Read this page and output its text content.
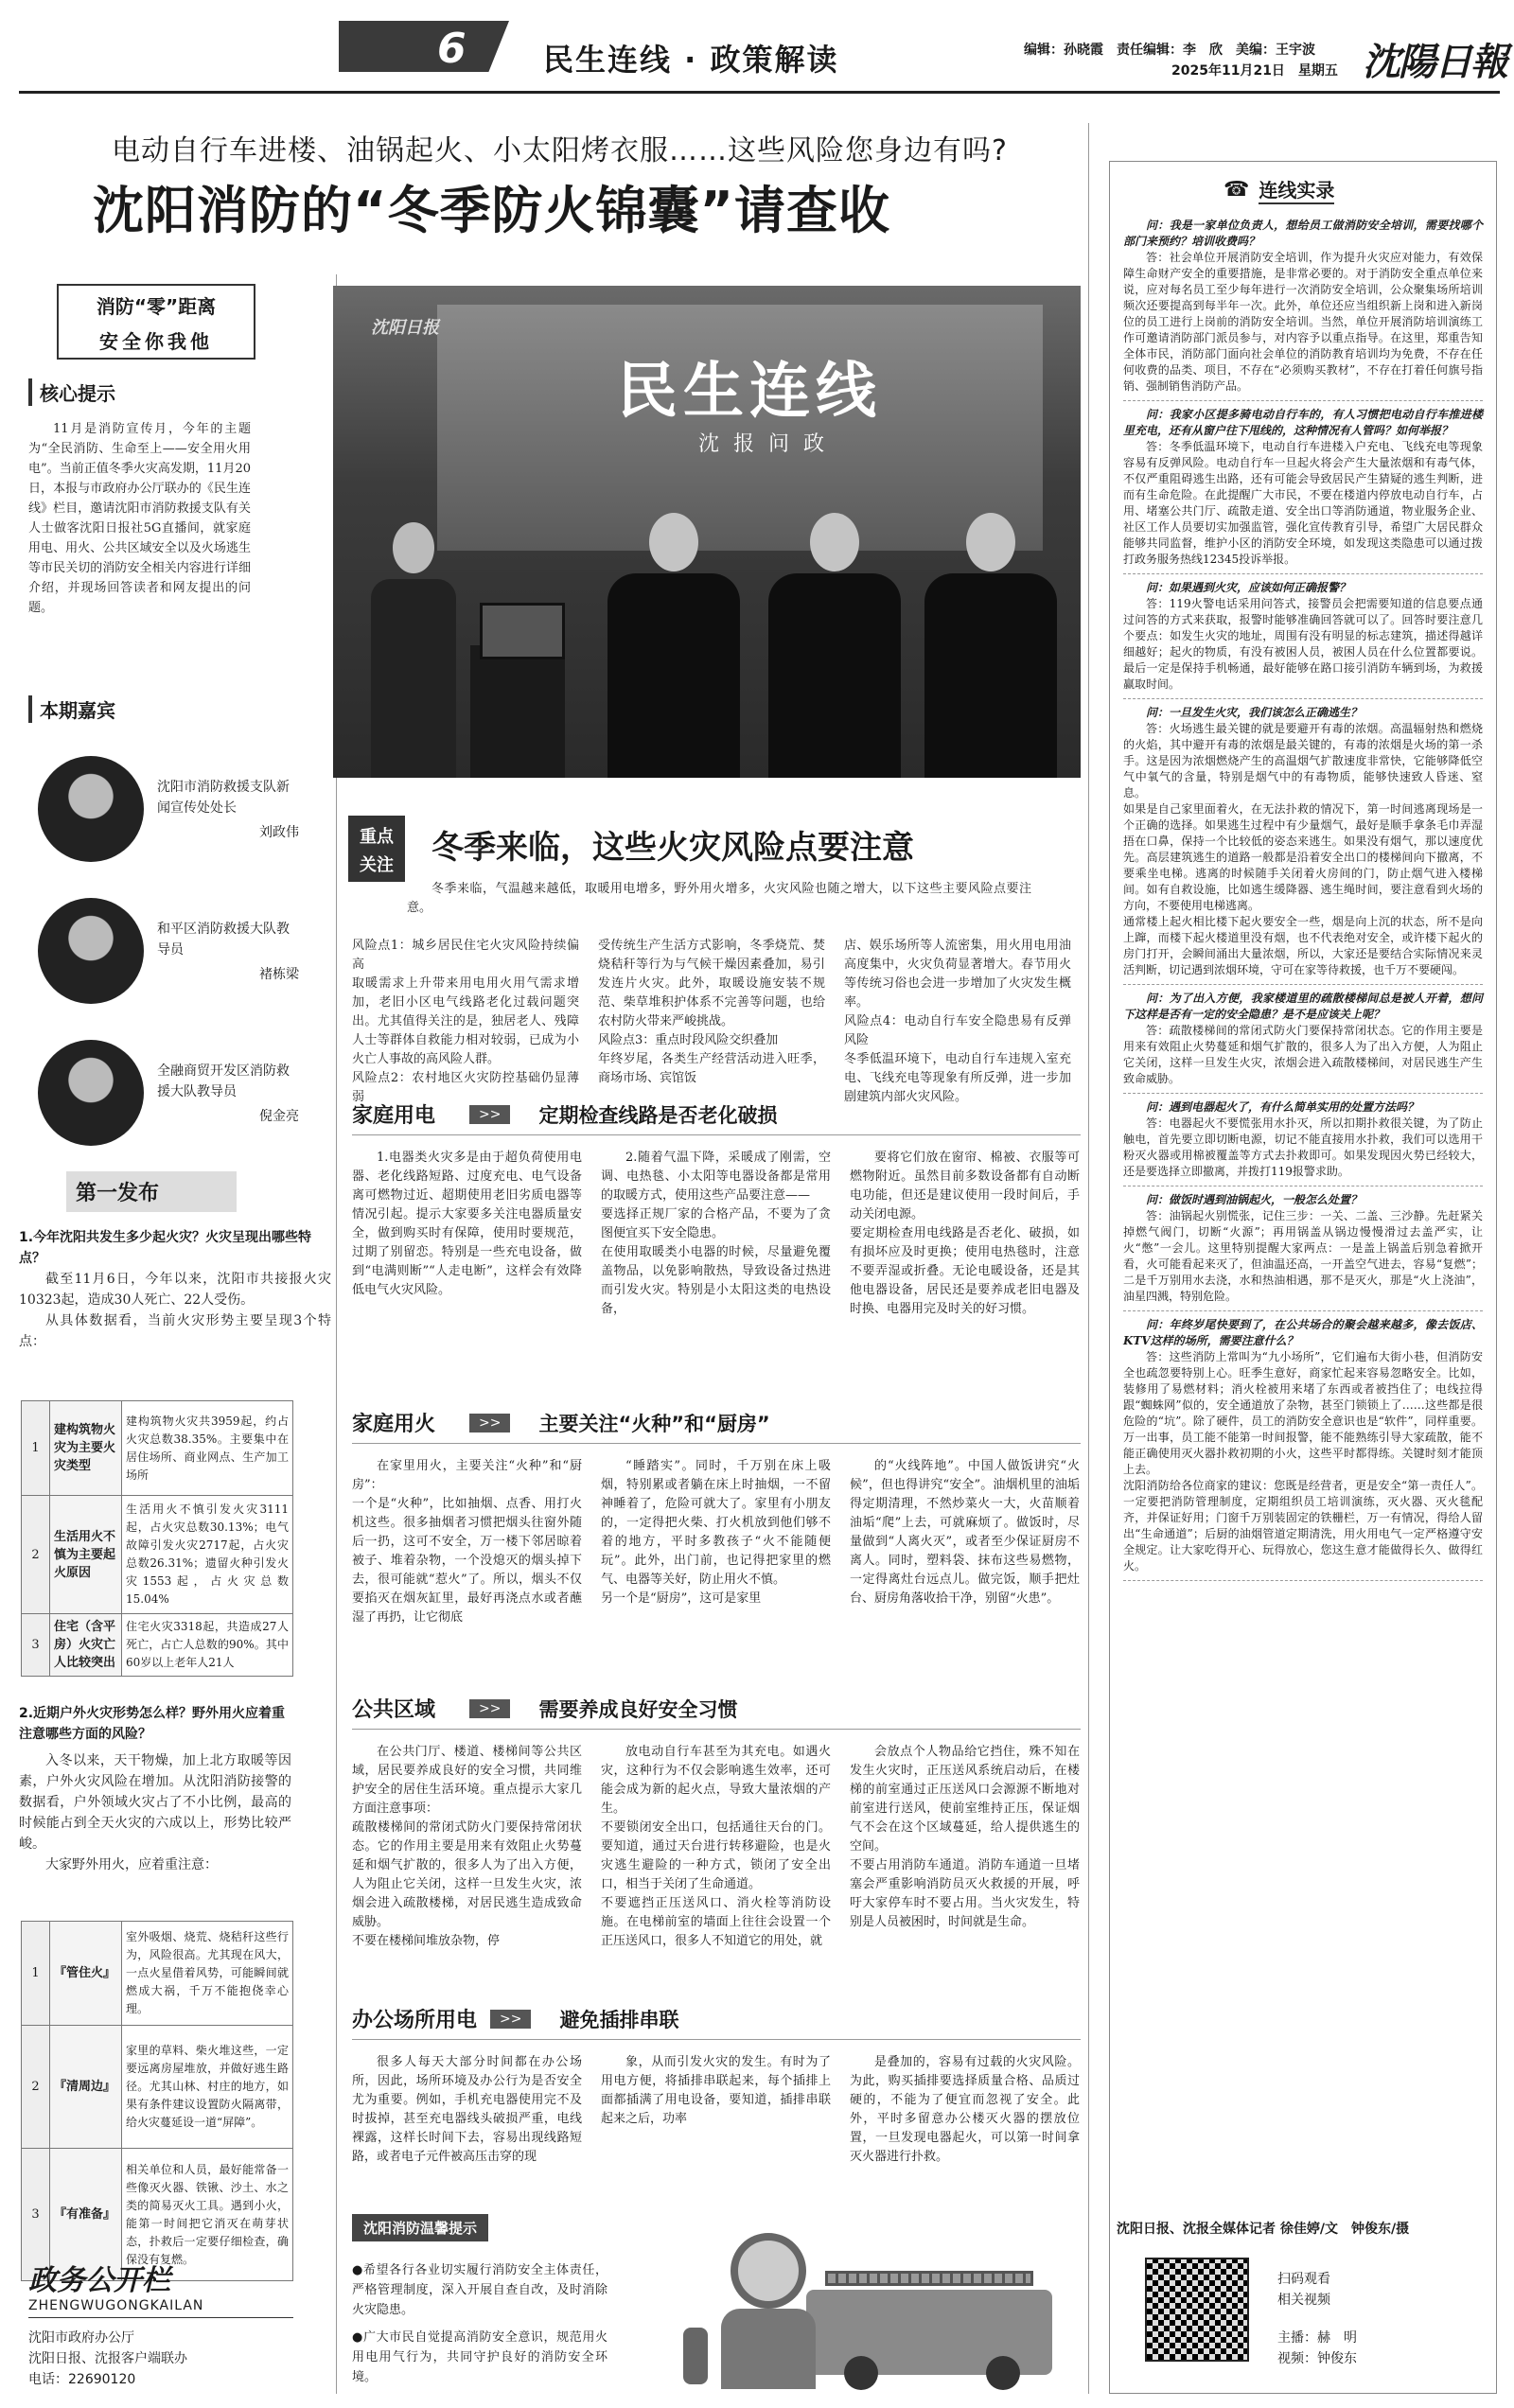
6	民生连线 · 政策解读	编辑：孙晓霞　责任编辑：李　欣　美编：王宇波
2025年11月21日　星期五 沈陽日報
电动自行车进楼、油锅起火、小太阳烤衣服……这些风险您身边有吗?
沈阳消防的“冬季防火锦囊”请查收
消防“零”距离
安全你我他
核心提示
11月是消防宣传月，今年的主题为“全民消防、生命至上——安全用火用电”。当前正值冬季火灾高发期，11月20日，本报与市政府办公厅联办的《民生连线》栏目，邀请沈阳市消防救援支队有关人士做客沈阳日报社5G直播间，就家庭用电、用火、公共区域安全以及火场逃生等市民关切的消防安全相关内容进行详细介绍，并现场回答读者和网友提出的问题。
本期嘉宾
沈阳市消防救援支队新闻宣传处处长
刘政伟
和平区消防救援大队教导员
褚栋梁
全融商贸开发区消防救援大队教导员
倪金亮
第一发布
1.今年沈阳共发生多少起火灾？火灾呈现出哪些特点？
截至11月6日，今年以来，沈阳市共接报火灾10323起，造成30人死亡、22人受伤。
从具体数据看，当前火灾形势主要呈现3个特点：
1	建构筑物火灾为主要火灾类型	建构筑物火灾共3959起，约占火灾总数38.35%。主要集中在居住场所、商业网点、生产加工场所
2	生活用火不慎为主要起火原因	生活用火不慎引发火灾3111起，占火灾总数30.13%；电气故障引发火灾2717起，占火灾总数26.31%；遗留火种引发火灾1553起，占火灾总数15.04%
3	住宅（含平房）火灾亡人比较突出	住宅火灾3318起，共造成27人死亡，占亡人总数的90%。其中60岁以上老年人21人
2.近期户外火灾形势怎么样？野外用火应着重注意哪些方面的风险？
入冬以来，天干物燥，加上北方取暖等因素，户外火灾风险在增加。从沈阳消防接警的数据看，户外领域火灾占了不小比例，最高的时候能占到全天火灾的六成以上，形势比较严峻。
大家野外用火，应着重注意：
1	『管住火』	室外吸烟、烧荒、烧秸秆这些行为，风险很高。尤其现在风大，一点火星借着风势，可能瞬间就燃成大祸，千万不能抱侥幸心理。
2	『清周边』	家里的草料、柴火堆这些，一定要远离房屋堆放，并做好逃生路径。尤其山林、村庄的地方，如果有条件建议设置防火隔离带，给火灾蔓延设一道“屏障”。
3	『有准备』	相关单位和人员，最好能常备一些像灭火器、铁锹、沙土、水之类的简易灭火工具。遇到小火，能第一时间把它消灭在萌芽状态，扑救后一定要仔细检查，确保没有复燃。
政务公开栏
ZHENGWUGONGKAILAN
沈阳市政府办公厅
沈阳日报、沈报客户端联办
电话：22690120
民生连线
沈 报 问 政
沈阳日报
重点
关注	冬季来临，这些火灾风险点要注意
冬季来临，气温越来越低，取暖用电增多，野外用火增多，火灾风险也随之增大，以下这些主要风险点要注意。
风险点1：城乡居民住宅火灾风险持续偏高
取暖需求上升带来用电用火用气需求增加，老旧小区电气线路老化过载问题突出。尤其值得关注的是，独居老人、残障人士等群体自救能力相对较弱，已成为小火亡人事故的高风险人群。
风险点2：农村地区火灾防控基础仍显薄弱
受传统生产生活方式影响，冬季烧荒、焚烧秸秆等行为与气候干燥因素叠加，易引发连片火灾。此外，取暖设施安装不规范、柴草堆积护体系不完善等问题，也给农村防火带来严峻挑战。
风险点3：重点时段风险交织叠加
年终岁尾，各类生产经营活动进入旺季，商场市场、宾馆饭
店、娱乐场所等人流密集，用火用电用油高度集中，火灾负荷显著增大。春节用火等传统习俗也会进一步增加了火灾发生概率。
风险点4：电动自行车安全隐患易有反弹风险
冬季低温环境下，电动自行车违规入室充电、飞线充电等现象有所反弹，进一步加剧建筑内部火灾风险。
家庭用电	>>	定期检查线路是否老化破损
1.电器类火灾多是由于超负荷使用电器、老化线路短路、过度充电、电气设备离可燃物过近、超期使用老旧劣质电器等情况引起。提示大家要多关注电器质量安全，做到购买时有保障，使用时要规范，过期了别留恋。特别是一些充电设备，做到“电满则断”“人走电断”，这样会有效降低电气火灾风险。
2.随着气温下降，采暖成了刚需，空调、电热毯、小太阳等电器设备都是常用的取暖方式，使用这些产品要注意——
要选择正规厂家的合格产品，不要为了贪图便宜买下安全隐患。
在使用取暖类小电器的时候，尽量避免覆盖物品，以免影响散热，导致设备过热进而引发火灾。特别是小太阳这类的电热设备，
要将它们放在窗帘、棉被、衣服等可燃物附近。虽然目前多数设备都有自动断电功能，但还是建议使用一段时间后，手动关闭电源。
要定期检查用电线路是否老化、破损，如有损坏应及时更换；使用电热毯时，注意不要弄湿或折叠。无论电暖设备，还是其他电器设备，居民还是要养成老旧电器及时换、电器用完及时关的好习惯。
家庭用火	>>	主要关注“火种”和“厨房”
在家里用火，主要关注“火种”和“厨房”：
一个是“火种”，比如抽烟、点香、用打火机这些。很多抽烟者习惯把烟头往窗外随后一扔，这可不安全，万一楼下邻居晾着被子、堆着杂物，一个没熄灭的烟头掉下去，很可能就“惹火”了。所以，烟头不仅要掐灭在烟灰缸里，最好再浇点水或者蘸湿了再扔，让它彻底
“睡踏实”。同时，千万别在床上吸烟，特别累或者躺在床上时抽烟，一不留神睡着了，危险可就大了。家里有小朋友的，一定得把火柴、打火机放到他们够不着的地方，平时多教孩子“火不能随便玩”。此外，出门前，也记得把家里的燃气、电器等关好，防止用火不慎。
另一个是“厨房”，这可是家里
的“火线阵地”。中国人做饭讲究“火候”，但也得讲究“安全”。油烟机里的油垢得定期清理，不然炒菜火一大，火苗顺着油垢“爬”上去，可就麻烦了。做饭时，尽量做到“人离火灭”，或者至少保证厨房不离人。同时，塑料袋、抹布这些易燃物，一定得离灶台远点儿。做完饭，顺手把灶台、厨房角落收拾干净，别留“火患”。
公共区域	>>	需要养成良好安全习惯
在公共门厅、楼道、楼梯间等公共区域，居民要养成良好的安全习惯，共同维护安全的居住生活环境。重点提示大家几方面注意事项：
疏散楼梯间的常闭式防火门要保持常闭状态。它的作用主要是用来有效阻止火势蔓延和烟气扩散的，很多人为了出入方便，人为阻止它关闭，这样一旦发生火灾，浓烟会进入疏散楼梯，对居民逃生造成致命威胁。
不要在楼梯间堆放杂物，停
放电动自行车甚至为其充电。如遇火灾，这种行为不仅会影响逃生效率，还可能会成为新的起火点，导致大量浓烟的产生。
不要锁闭安全出口，包括通往天台的门。要知道，通过天台进行转移避险，也是火灾逃生避险的一种方式，锁闭了安全出口，相当于关闭了生命通道。
不要遮挡正压送风口、消火栓等消防设施。在电梯前室的墙面上往往会设置一个正压送风口，很多人不知道它的用处，就
会放点个人物品给它挡住，殊不知在发生火灾时，正压送风系统启动后，在楼梯的前室通过正压送风口会源源不断地对前室进行送风，使前室维持正压，保证烟气不会在这个区域蔓延，给人提供逃生的空间。
不要占用消防车通道。消防车通道一旦堵塞会严重影响消防员灭火救援的开展，呼吁大家停车时不要占用。当火灾发生，特别是人员被困时，时间就是生命。
办公场所用电	>>	避免插排串联
很多人每天大部分时间都在办公场所，因此，场所环境及办公行为是否安全尤为重要。例如，手机充电器使用完不及时拔掉，甚至充电器线头破损严重，电线裸露，这样长时间下去，容易出现线路短路，或者电子元件被高压击穿的现
象，从而引发火灾的发生。有时为了用电方便，将插排串联起来，每个插排上面都插满了用电设备，要知道，插排串联起来之后，功率
是叠加的，容易有过载的火灾风险。为此，购买插排要选择质量合格、品质过硬的，不能为了便宜而忽视了安全。此外，平时多留意办公楼灭火器的摆放位置，一旦发现电器起火，可以第一时间拿灭火器进行扑救。
沈阳消防温馨提示
●希望各行各业切实履行消防安全主体责任，严格管理制度，深入开展自查自改，及时消除火灾隐患。
●广大市民自觉提高消防安全意识，规范用火用电用气行为，共同守护良好的消防安全环境。
☎ 连线实录
问：我是一家单位负责人，想给员工做消防安全培训，需要找哪个部门来预约？培训收费吗？
答：社会单位开展消防安全培训，作为提升火灾应对能力，有效保障生命财产安全的重要措施，是非常必要的。对于消防安全重点单位来说，应对每名员工至少每年进行一次消防安全培训，公众聚集场所培训频次还要提高到每半年一次。此外，单位还应当组织新上岗和进入新岗位的员工进行上岗前的消防安全培训。当然，单位开展消防培训演练工作可邀请消防部门派员参与，对内容予以重点指导。在这里，郑重告知全体市民，消防部门面向社会单位的消防教育培训均为免费，不存在任何收费的品类、项目，不存在“必须购买教材”，不存在打着任何旗号指销、强制销售消防产品。
问：我家小区提多骑电动自行车的，有人习惯把电动自行车推进楼里充电，还有从窗户往下甩线的，这种情况有人管吗？如何举报？
答：冬季低温环境下，电动自行车进楼入户充电、飞线充电等现象容易有反弹风险。电动自行车一旦起火将会产生大量浓烟和有毒气体，不仅严重阻碍逃生出路，还有可能会导致居民产生猜疑的逃生判断，进而有生命危险。在此提醒广大市民，不要在楼道内停放电动自行车，占用、堵塞公共门厅、疏散走道、安全出口等消防通道，物业服务企业、社区工作人员要切实加强监管，强化宣传教育引导，希望广大居民群众能够共同监督，维护小区的消防安全环境，如发现这类隐患可以通过拨打政务服务热线12345投诉举报。
问：如果遇到火灾，应该如何正确报警？
答：119火警电话采用问答式，接警员会把需要知道的信息要点通过问答的方式来获取，报警时能够准确回答就可以了。回答时要注意几个要点：如发生火灾的地址，周围有没有明显的标志建筑，描述得越详细越好；起火的物质，有没有被困人员，被困人员在什么位置都要说。最后一定是保持手机畅通，最好能够在路口接引消防车辆到场，为救援赢取时间。
问：一旦发生火灾，我们该怎么正确逃生？
答：火场逃生最关键的就是要避开有毒的浓烟。高温辐射热和燃烧的火焰，其中避开有毒的浓烟是最关键的，有毒的浓烟是火场的第一杀手。这是因为浓烟燃烧产生的高温烟气扩散速度非常快，它能够降低空气中氧气的含量，特别是烟气中的有毒物质，能够快速致人昏迷、窒息。
如果是自己家里面着火，在无法扑救的情况下，第一时间逃离现场是一个正确的选择。如果逃生过程中有少量烟气，最好是顺手拿条毛巾弄湿捂在口鼻，保持一个比较低的姿态来逃生。如果没有烟气，那以速度优先。高层建筑逃生的道路一般都是沿着安全出口的楼梯间向下撤离，不要乘坐电梯。逃离的时候随手关闭着火房间的门，防止烟气进入楼梯间。如有自救设施，比如逃生缓降器、逃生绳时间，要注意看到火场的方向，不要使用电梯逃离。
通常楼上起火相比楼下起火要安全一些，烟是向上沉的状态，所不是向上蹿，而楼下起火楼道里没有烟，也不代表绝对安全，或许楼下起火的房门打开，会瞬间涌出大量浓烟，所以，大家还是要结合实际情况来灵活判断，切记遇到浓烟环境，守可在家等待救援，也千万不要硬闯。
问：为了出入方便，我家楼道里的疏散楼梯间总是被人开着，想问下这样是否有一定的安全隐患？是不是应该关上呢？
答：疏散楼梯间的常闭式防火门要保持常闭状态。它的作用主要是用来有效阻止火势蔓延和烟气扩散的，很多人为了出入方便，人为阻止它关闭，这样一旦发生火灾，浓烟会进入疏散楼梯间，对居民逃生产生致命威胁。
问：遇到电器起火了，有什么简单实用的处置方法吗？
答：电器起火不要慌张用水扑灭，所以扣期扑救很关键，为了防止触电，首先要立即切断电源，切记不能直接用水扑救，我们可以选用干粉灭火器或用棉被覆盖等方式去扑救即可。如果发现因火势已经较大，还是要选择立即撤离，并拨打119报警求助。
问：做饭时遇到油锅起火，一般怎么处置？
答：油锅起火别慌张，记住三步：一关、二盖、三沙静。先赶紧关掉燃气阀门，切断“火源”；再用锅盖从锅边慢慢滑过去盖严实，让火“憋”一会儿。这里特别提醒大家两点：一是盖上锅盖后别急着掀开看，火可能看起来灭了，但油温还高，一开盖空气进去，容易“复燃”；二是千万别用水去浇，水和热油相遇，那不是灭火，那是“火上浇油”，油星四溅，特别危险。
问：年终岁尾快要到了，在公共场合的聚会越来越多，像去饭店、KTV这样的场所，需要注意什么？
答：这些消防上常叫为“九小场所”，它们遍布大街小巷，但消防安全也疏忽要特别上心。旺季生意好，商家忙起来容易忽略安全。比如，装修用了易燃材料；消火栓被用来堵了东西或者被挡住了；电线拉得跟“蜘蛛网”似的，安全通道放了杂物，甚至门锁锁上了……这些都是很危险的“坑”。除了硬件，员工的消防安全意识也是“软件”，同样重要。万一出事，员工能不能第一时间报警，能不能熟练引导大家疏散，能不能正确使用灭火器扑救初期的小火，这些平时都得练。关键时刻才能顶上去。
沈阳消防给各位商家的建议：您既是经营者，更是安全“第一责任人”。一定要把消防管理制度，定期组织员工培训演练，灭火器、灭火毯配齐，并保证好用；门窗千万别装固定的铁栅栏，万一有情况，得给人留出“生命通道”；后厨的油烟管道定期清洗，用火用电气一定严格遵守安全规定。让大家吃得开心、玩得放心，您这生意才能做得长久、做得红火。
沈阳日报、沈报全媒体记者 徐佳婷/文　钟俊东/摄
扫码观看
相关视频
主播：赫　明
视频：钟俊东
